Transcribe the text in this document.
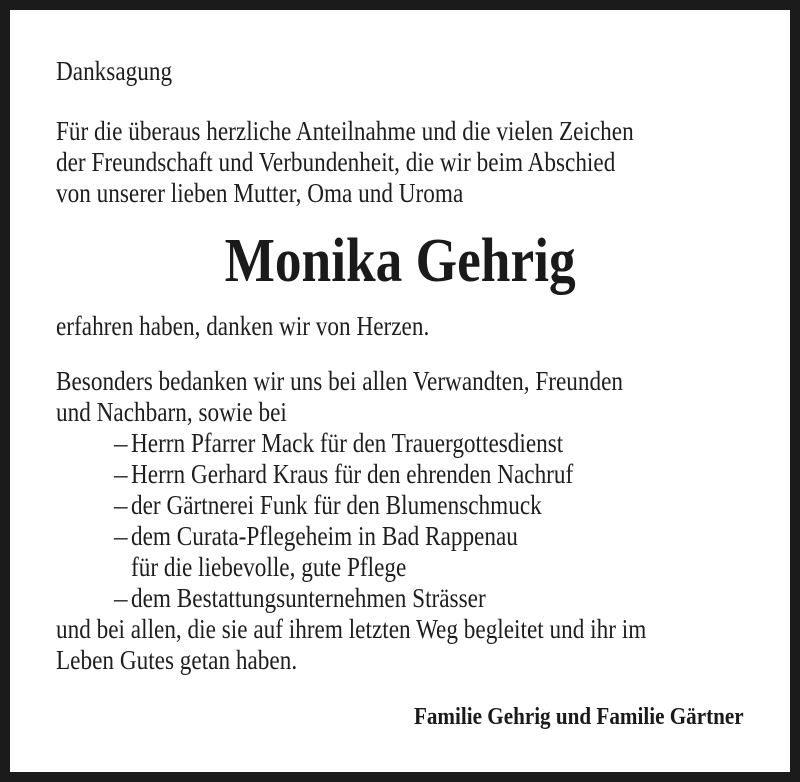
Danksagung
Für die überaus herzliche Anteilnahme und die vielen Zeichen
der Freundschaft und Verbundenheit, die wir beim Abschied
von unserer lieben Mutter, Oma und Uroma
Monika Gehrig
erfahren haben, danken wir von Herzen.
Besonders bedanken wir uns bei allen Verwandten, Freunden
und Nachbarn, sowie bei
– Herrn Pfarrer Mack für den Trauergottesdienst
– Herrn Gerhard Kraus für den ehrenden Nachruf
– der Gärtnerei Funk für den Blumenschmuck
– dem Curata-Pflegeheim in Bad Rappenau
für die liebevolle, gute Pflege
– dem Bestattungsunternehmen Strässer
und bei allen, die sie auf ihrem letzten Weg begleitet und ihr im
Leben Gutes getan haben.
Familie Gehrig und Familie Gärtner
